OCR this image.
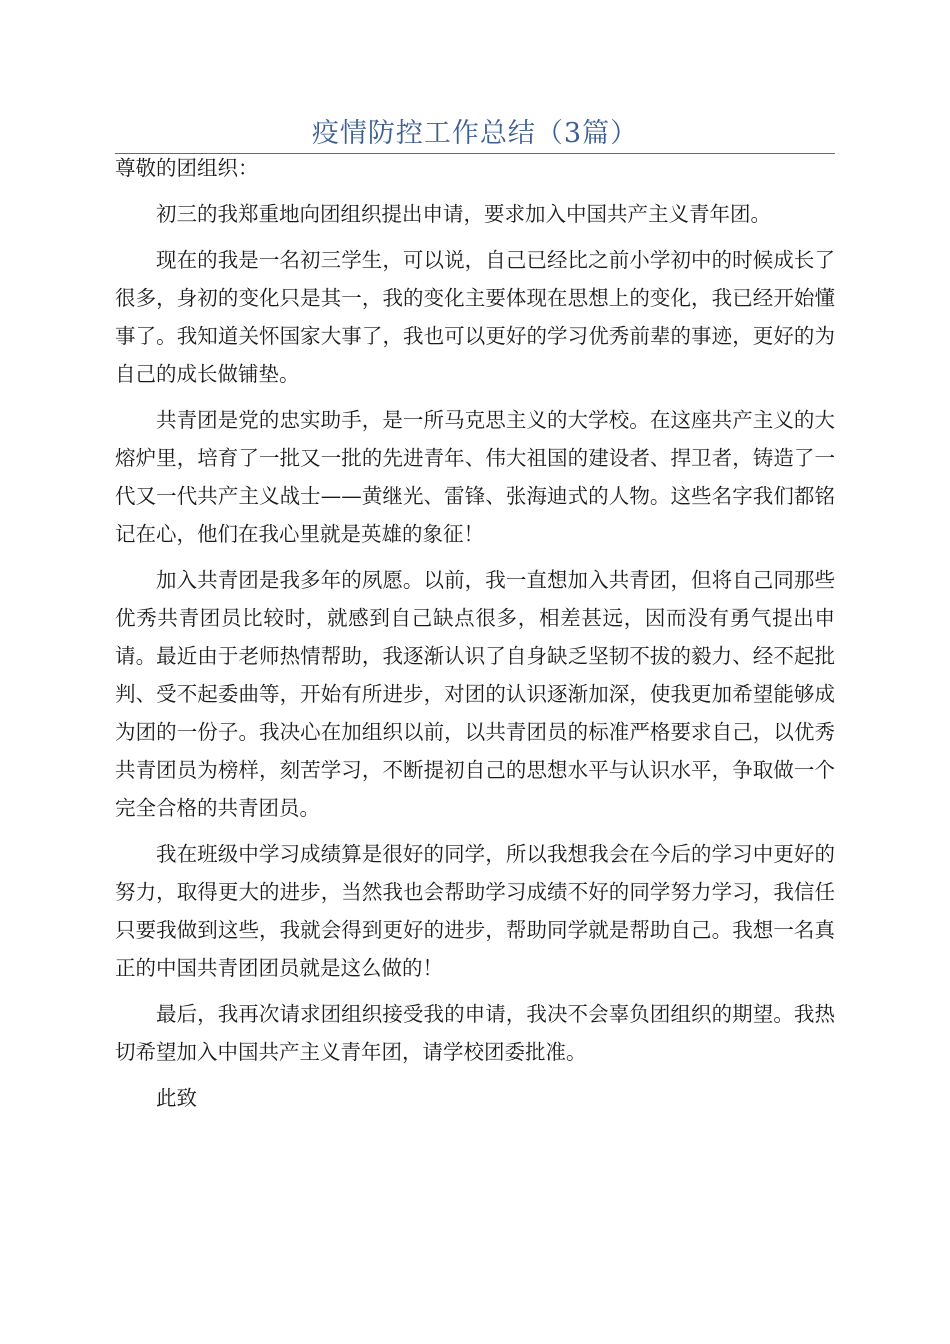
疫情防控工作总结（3篇）

尊敬的团组织：

初三的我郑重地向团组织提出申请，要求加入中国共产主义青年团。

现在的我是一名初三学生，可以说，自己已经比之前小学初中的时候成长了很多，身初的变化只是其一，我的变化主要体现在思想上的变化，我已经开始懂事了。我知道关怀国家大事了，我也可以更好的学习优秀前辈的事迹，更好的为自己的成长做铺垫。

共青团是党的忠实助手，是一所马克思主义的大学校。在这座共产主义的大熔炉里，培育了一批又一批的先进青年、伟大祖国的建设者、捍卫者，铸造了一代又一代共产主义战士——黄继光、雷锋、张海迪式的人物。这些名字我们都铭记在心，他们在我心里就是英雄的象征！

加入共青团是我多年的夙愿。以前，我一直想加入共青团，但将自己同那些优秀共青团员比较时，就感到自己缺点很多，相差甚远，因而没有勇气提出申请。最近由于老师热情帮助，我逐渐认识了自身缺乏坚韧不拔的毅力、经不起批判、受不起委曲等，开始有所进步，对团的认识逐渐加深，使我更加希望能够成为团的一份子。我决心在加组织以前，以共青团员的标准严格要求自己，以优秀共青团员为榜样，刻苦学习，不断提初自己的思想水平与认识水平，争取做一个完全合格的共青团员。

我在班级中学习成绩算是很好的同学，所以我想我会在今后的学习中更好的努力，取得更大的进步，当然我也会帮助学习成绩不好的同学努力学习，我信任只要我做到这些，我就会得到更好的进步，帮助同学就是帮助自己。我想一名真正的中国共青团团员就是这么做的！

最后，我再次请求团组织接受我的申请，我决不会辜负团组织的期望。我热切希望加入中国共产主义青年团，请学校团委批准。

此致
